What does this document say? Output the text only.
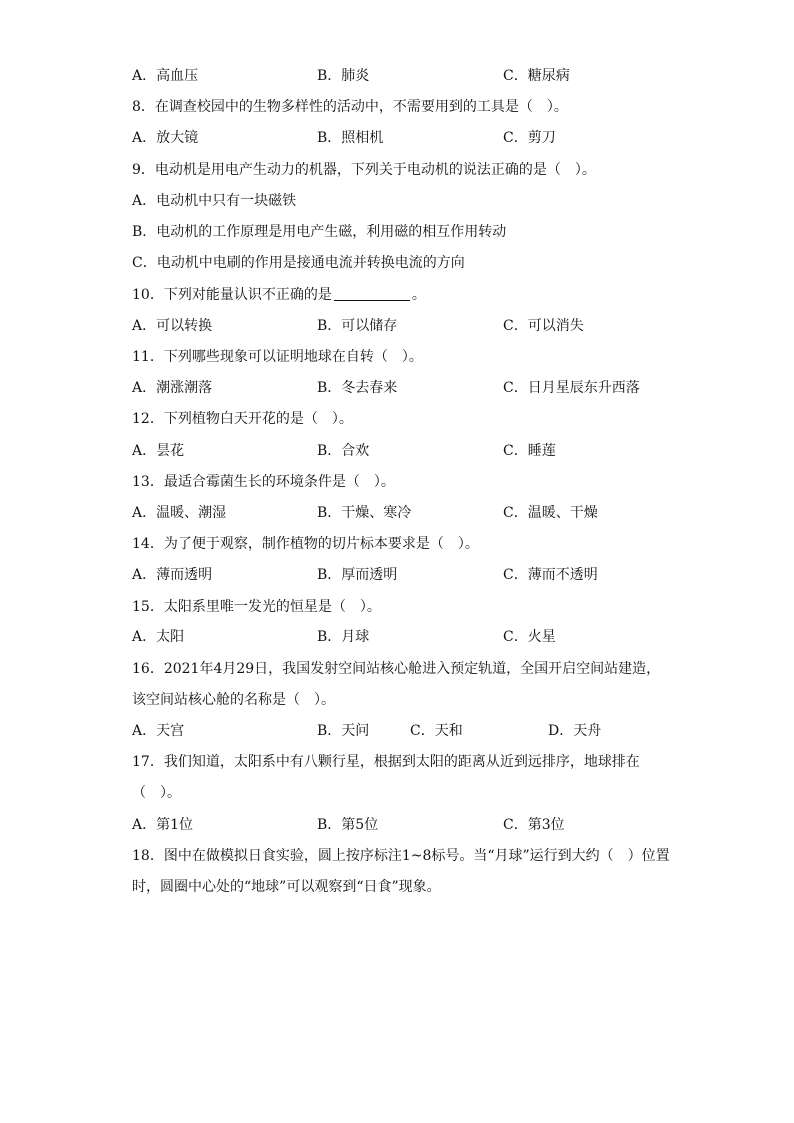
A．高血压	B．肺炎	C．糖尿病
8．在调查校园中的生物多样性的活动中，不需要用到的工具是（　）。
A．放大镜	B．照相机	C．剪刀
9．电动机是用电产生动力的机器，下列关于电动机的说法正确的是（　）。
A．电动机中只有一块磁铁
B．电动机的工作原理是用电产生磁，利用磁的相互作用转动
C．电动机中电刷的作用是接通电流并转换电流的方向
10．下列对能量认识不正确的是	。
A．可以转换	B．可以储存	C．可以消失
11．下列哪些现象可以证明地球在自转（　）。
A．潮涨潮落	B．冬去春来	C．日月星辰东升西落
12．下列植物白天开花的是（　）。
A．昙花	B．合欢	C．睡莲
13．最适合霉菌生长的环境条件是（　）。
A．温暖、潮湿	B．干燥、寒冷	C．温暖、干燥
14．为了便于观察，制作植物的切片标本要求是（　）。
A．薄而透明	B．厚而透明	C．薄而不透明
15．太阳系里唯一发光的恒星是（　）。
A．太阳	B．月球	C．火星
16．2021年4月29日，我国发射空间站核心舱进入预定轨道，全国开启空间站建造，
该空间站核心舱的名称是（　）。
A．天宫	B．天问	C．天和	D．天舟
17．我们知道，太阳系中有八颗行星，根据到太阳的距离从近到远排序，地球排在
（　）。
A．第1位	B．第5位	C．第3位
18．图中在做模拟日食实验，圆上按序标注1~8标号。当“月球”运行到大约（　）位置
时，圆圈中心处的“地球”可以观察到“日食”现象。
